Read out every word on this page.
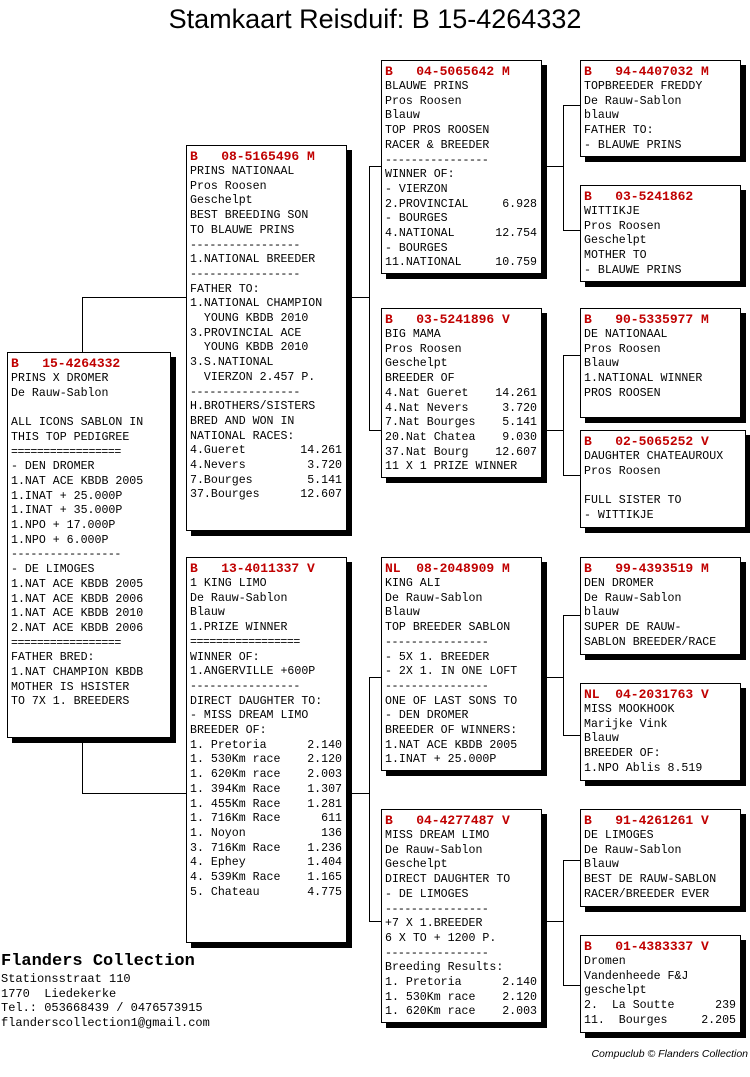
Stamkaart Reisduif: B 15-4264332
B   15-4264332
PRINS X DROMER
De Rauw-Sablon
ALL ICONS SABLON IN
THIS TOP PEDIGREE
=================
- DEN DROMER
1.NAT ACE KBDB 2005
1.INAT + 25.000P
1.INAT + 35.000P
1.NPO + 17.000P
1.NPO + 6.000P
-----------------
- DE LIMOGES
1.NAT ACE KBDB 2005
1.NAT ACE KBDB 2006
1.NAT ACE KBDB 2010
2.NAT ACE KBDB 2006
=================
FATHER BRED:
1.NAT CHAMPION KBDB
MOTHER IS HSISTER
TO 7X 1. BREEDERS
B   08-5165496 M
PRINS NATIONAAL
Pros Roosen
Geschelpt
BEST BREEDING SON
TO BLAUWE PRINS
-----------------
1.NATIONAL BREEDER
-----------------
FATHER TO:
1.NATIONAL CHAMPION
YOUNG KBDB 2010
3.PROVINCIAL ACE
YOUNG KBDB 2010
3.S.NATIONAL
VIERZON 2.457 P.
-----------------
H.BROTHERS/SISTERS
BRED AND WON IN
NATIONAL RACES:
4.Gueret	14.261
4.Nevers	3.720
7.Bourges	5.141
37.Bourges	12.607
B   13-4011337 V
1 KING LIMO
De Rauw-Sablon
Blauw
1.PRIZE WINNER
=================
WINNER OF:
1.ANGERVILLE +600P
-----------------
DIRECT DAUGHTER TO:
- MISS DREAM LIMO
BREEDER OF:
1. Pretoria	2.140
1. 530Km race 2.120
1. 620Km race 2.003
1. 394Km Race 1.307
1. 455Km Race 1.281
1. 716Km Race	611
1. Noyon	136
3. 716Km Race 1.236
4. Ephey	1.404
4. 539Km Race 1.165
5. Chateau	4.775
B   04-5065642 M
BLAUWE PRINS
Pros Roosen
Blauw
TOP PROS ROOSEN
RACER & BREEDER
----------------
WINNER OF:
- VIERZON
2.PROVINCIAL	6.928
- BOURGES
4.NATIONAL	12.754
- BOURGES
11.NATIONAL	10.759
B   03-5241896 V
BIG MAMA
Pros Roosen
Geschelpt
BREEDER OF
4.Nat Gueret 14.261
4.Nat Nevers	3.720
7.Nat Bourges 5.141
20.Nat Chatea 9.030
37.Nat Bourg 12.607
11 X 1 PRIZE WINNER
NL  08-2048909 M
KING ALI
De Rauw-Sablon
Blauw
TOP BREEDER SABLON
----------------
- 5X 1. BREEDER
- 2X 1. IN ONE LOFT
----------------
ONE OF LAST SONS TO
- DEN DROMER
BREEDER OF WINNERS:
1.NAT ACE KBDB 2005
1.INAT + 25.000P
B   04-4277487 V
MISS DREAM LIMO
De Rauw-Sablon
Geschelpt
DIRECT DAUGHTER TO
- DE LIMOGES
----------------
+7 X 1.BREEDER
6 X TO + 1200 P.
----------------
Breeding Results:
1. Pretoria	2.140
1. 530Km race 2.120
1. 620Km race 2.003
B   94-4407032 M
TOPBREEDER FREDDY
De Rauw-Sablon
blauw
FATHER TO:
- BLAUWE PRINS
B   03-5241862
WITTIKJE
Pros Roosen
Geschelpt
MOTHER TO
- BLAUWE PRINS
B   90-5335977 M
DE NATIONAAL
Pros Roosen
Blauw
1.NATIONAL WINNER
PROS ROOSEN
B   02-5065252 V
DAUGHTER CHATEAUROUX
Pros Roosen
FULL SISTER TO
- WITTIKJE
B   99-4393519 M
DEN DROMER
De Rauw-Sablon
blauw
SUPER DE RAUW-
SABLON BREEDER/RACE
NL  04-2031763 V
MISS MOOKHOOK
Marijke Vink
Blauw
BREEDER OF:
1.NPO Ablis 8.519
B   91-4261261 V
DE LIMOGES
De Rauw-Sablon
Blauw
BEST DE RAUW-SABLON
RACER/BREEDER EVER
B   01-4383337 V
Dromen
Vandenheede F&J
geschelpt
2.  La Soutte	239
11.  Bourges	2.205
Flanders Collection
Stationsstraat 110
1770  Liedekerke
Tel.: 053668439 / 0476573915
flanderscollection1@gmail.com
Compuclub © Flanders Collection
